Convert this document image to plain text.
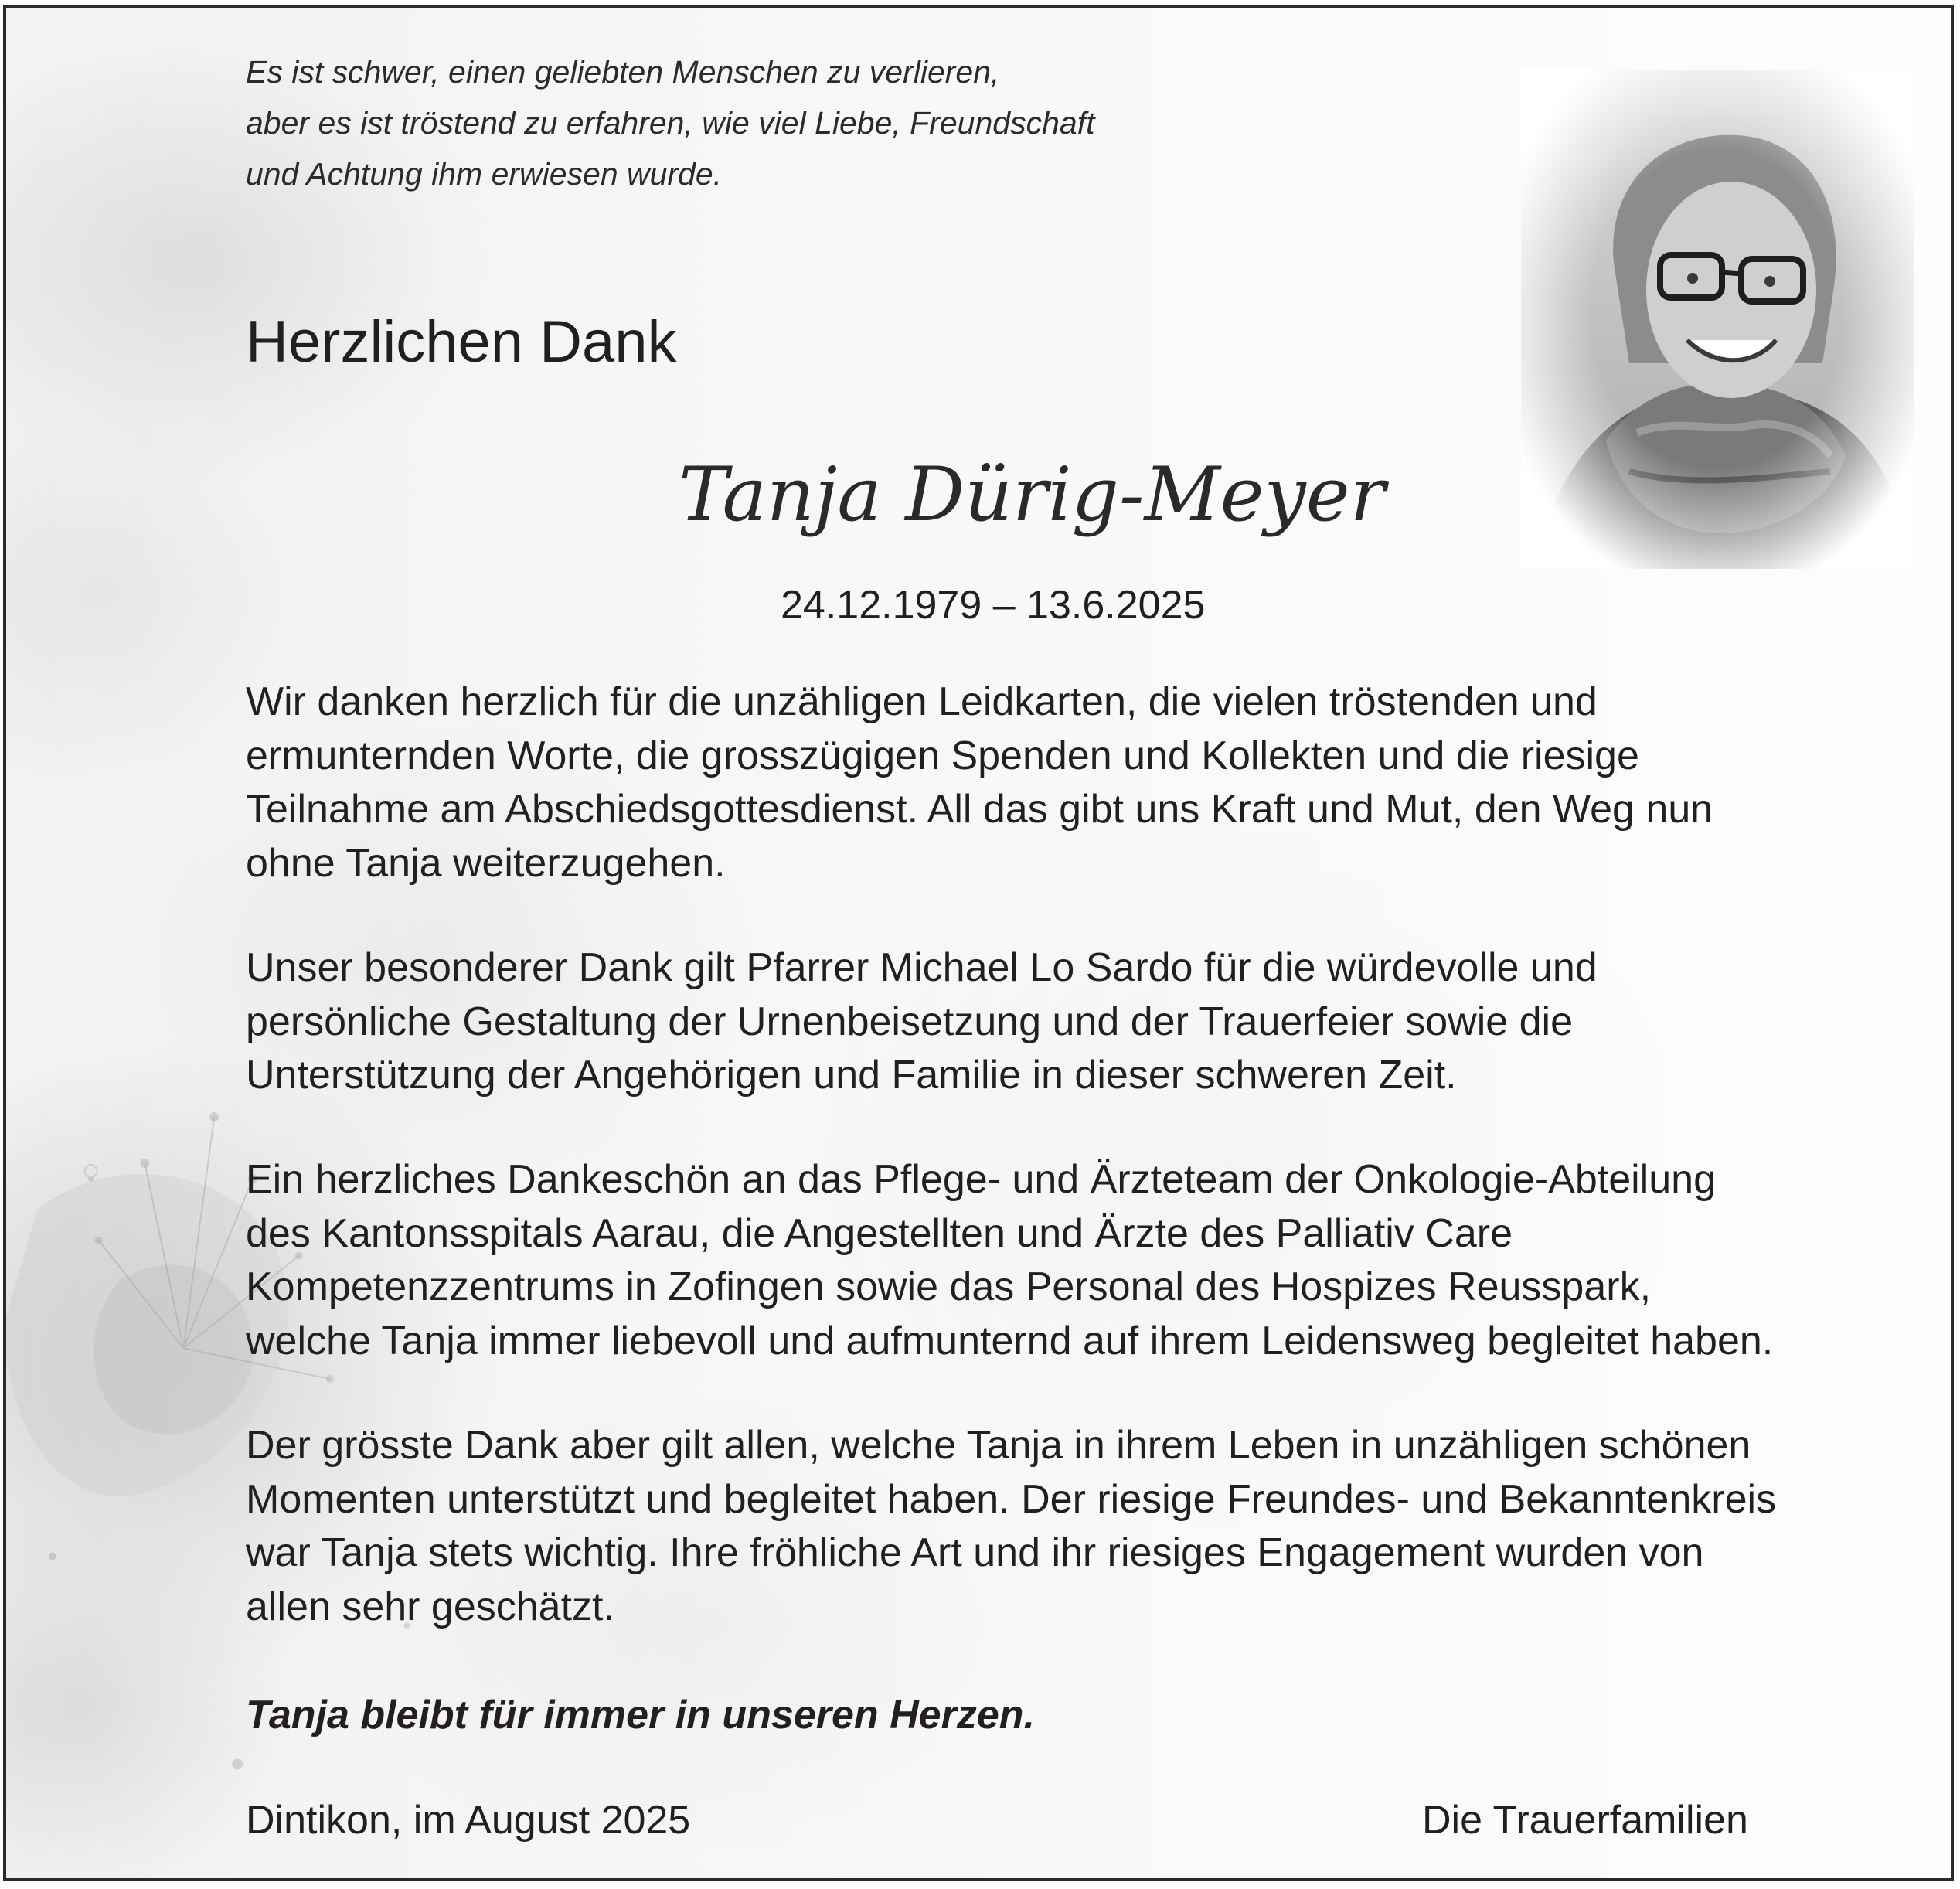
Es ist schwer, einen geliebten Menschen zu verlieren,
aber es ist tröstend zu erfahren, wie viel Liebe, Freundschaft
und Achtung ihm erwiesen wurde.

Herzlichen Dank

Tanja Dürig-Meyer

24.12.1979 – 13.6.2025

Wir danken herzlich für die unzähligen Leidkarten, die vielen tröstenden und
ermunternden Worte, die grosszügigen Spenden und Kollekten und die riesige
Teilnahme am Abschiedsgottesdienst. All das gibt uns Kraft und Mut, den Weg nun
ohne Tanja weiterzugehen.

Unser besonderer Dank gilt Pfarrer Michael Lo Sardo für die würdevolle und
persönliche Gestaltung der Urnenbeisetzung und der Trauerfeier sowie die
Unterstützung der Angehörigen und Familie in dieser schweren Zeit.

Ein herzliches Dankeschön an das Pflege- und Ärzteteam der Onkologie-Abteilung
des Kantonsspitals Aarau, die Angestellten und Ärzte des Palliativ Care
Kompetenzzentrums in Zofingen sowie das Personal des Hospizes Reusspark,
welche Tanja immer liebevoll und aufmunternd auf ihrem Leidensweg begleitet haben.

Der grösste Dank aber gilt allen, welche Tanja in ihrem Leben in unzähligen schönen
Momenten unterstützt und begleitet haben. Der riesige Freundes- und Bekanntenkreis
war Tanja stets wichtig. Ihre fröhliche Art und ihr riesiges Engagement wurden von
allen sehr geschätzt.

Tanja bleibt für immer in unseren Herzen.

Dintikon, im August 2025	Die Trauerfamilien
